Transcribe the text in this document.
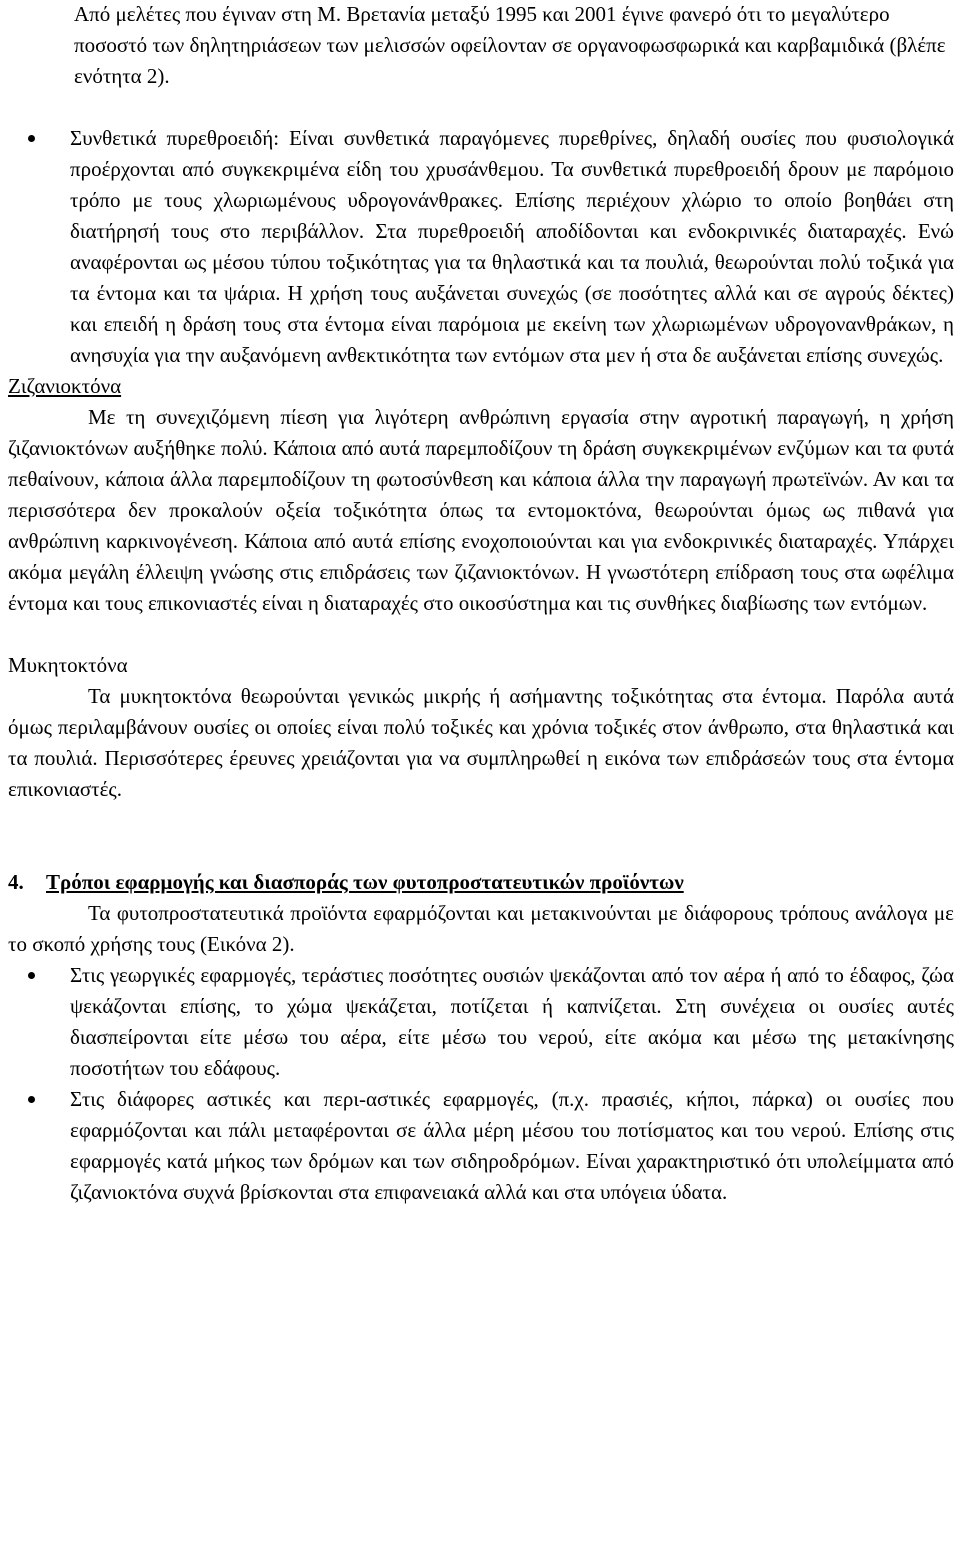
Από μελέτες που έγιναν στη Μ. Βρετανία μεταξύ 1995 και 2001 έγινε φανερό ότι το μεγαλύτερο ποσοστό των δηλητηριάσεων των μελισσών οφείλονταν σε οργανοφωσφωρικά και καρβαμιδικά (βλέπε ενότητα 2).

Συνθετικά πυρεθροειδή: Είναι συνθετικά παραγόμενες πυρεθρίνες, δηλαδή ουσίες που φυσιολογικά προέρχονται από συγκεκριμένα είδη του χρυσάνθεμου. Τα συνθετικά πυρεθροειδή δρουν με παρόμοιο τρόπο με τους χλωριωμένους υδρογονάνθρακες. Επίσης περιέχουν χλώριο το οποίο βοηθάει στη διατήρησή τους στο περιβάλλον. Στα πυρεθροειδή αποδίδονται και ενδοκρινικές διαταραχές. Ενώ αναφέρονται ως μέσου τύπου τοξικότητας για τα θηλαστικά και τα πουλιά, θεωρούνται πολύ τοξικά για τα έντομα και τα ψάρια. Η χρήση τους αυξάνεται συνεχώς (σε ποσότητες αλλά και σε αγρούς δέκτες) και επειδή η δράση τους στα έντομα είναι παρόμοια με εκείνη των χλωριωμένων υδρογονανθράκων, η ανησυχία για την αυξανόμενη ανθεκτικότητα των εντόμων στα μεν ή στα δε αυξάνεται επίσης συνεχώς.
Ζιζανιοκτόνα

Με τη συνεχιζόμενη πίεση για λιγότερη ανθρώπινη εργασία στην αγροτική παραγωγή, η χρήση ζιζανιοκτόνων αυξήθηκε πολύ. Κάποια από αυτά παρεμποδίζουν τη δράση συγκεκριμένων ενζύμων και τα φυτά πεθαίνουν, κάποια άλλα παρεμποδίζουν τη φωτοσύνθεση και κάποια άλλα την παραγωγή πρωτεϊνών. Αν και τα περισσότερα δεν προκαλούν οξεία τοξικότητα όπως τα εντομοκτόνα, θεωρούνται όμως ως πιθανά για ανθρώπινη καρκινογένεση. Κάποια από αυτά επίσης ενοχοποιούνται και για ενδοκρινικές διαταραχές. Υπάρχει ακόμα μεγάλη έλλειψη γνώσης στις επιδράσεις των ζιζανιοκτόνων. Η γνωστότερη επίδραση τους στα ωφέλιμα έντομα και τους επικονιαστές είναι η διαταραχές στο οικοσύστημα και τις συνθήκες διαβίωσης των εντόμων.

Μυκητοκτόνα

Τα μυκητοκτόνα θεωρούνται γενικώς μικρής ή ασήμαντης τοξικότητας στα έντομα. Παρόλα αυτά όμως περιλαμβάνουν ουσίες οι οποίες είναι πολύ τοξικές και χρόνια τοξικές στον άνθρωπο, στα θηλαστικά και τα πουλιά. Περισσότερες έρευνες χρειάζονται για να συμπληρωθεί η εικόνα των επιδράσεών τους στα έντομα επικονιαστές.

4. Τρόποι εφαρμογής και διασποράς των φυτοπροστατευτικών προϊόντων

Τα φυτοπροστατευτικά προϊόντα εφαρμόζονται και μετακινούνται με διάφορους τρόπους ανάλογα με το σκοπό χρήσης τους (Εικόνα 2).

Στις γεωργικές εφαρμογές, τεράστιες ποσότητες ουσιών ψεκάζονται από τον αέρα ή από το έδαφος, ζώα ψεκάζονται επίσης, το χώμα ψεκάζεται, ποτίζεται ή καπνίζεται. Στη συνέχεια οι ουσίες αυτές διασπείρονται είτε μέσω του αέρα, είτε μέσω του νερού, είτε ακόμα και μέσω της μετακίνησης ποσοτήτων του εδάφους.
Στις διάφορες αστικές και περι-αστικές εφαρμογές, (π.χ. πρασιές, κήποι, πάρκα) οι ουσίες που εφαρμόζονται και πάλι μεταφέρονται σε άλλα μέρη μέσου του ποτίσματος και του νερού. Επίσης στις εφαρμογές κατά μήκος των δρόμων και των σιδηροδρόμων. Είναι χαρακτηριστικό ότι υπολείμματα από ζιζανιοκτόνα συχνά βρίσκονται στα επιφανειακά αλλά και στα υπόγεια ύδατα.
